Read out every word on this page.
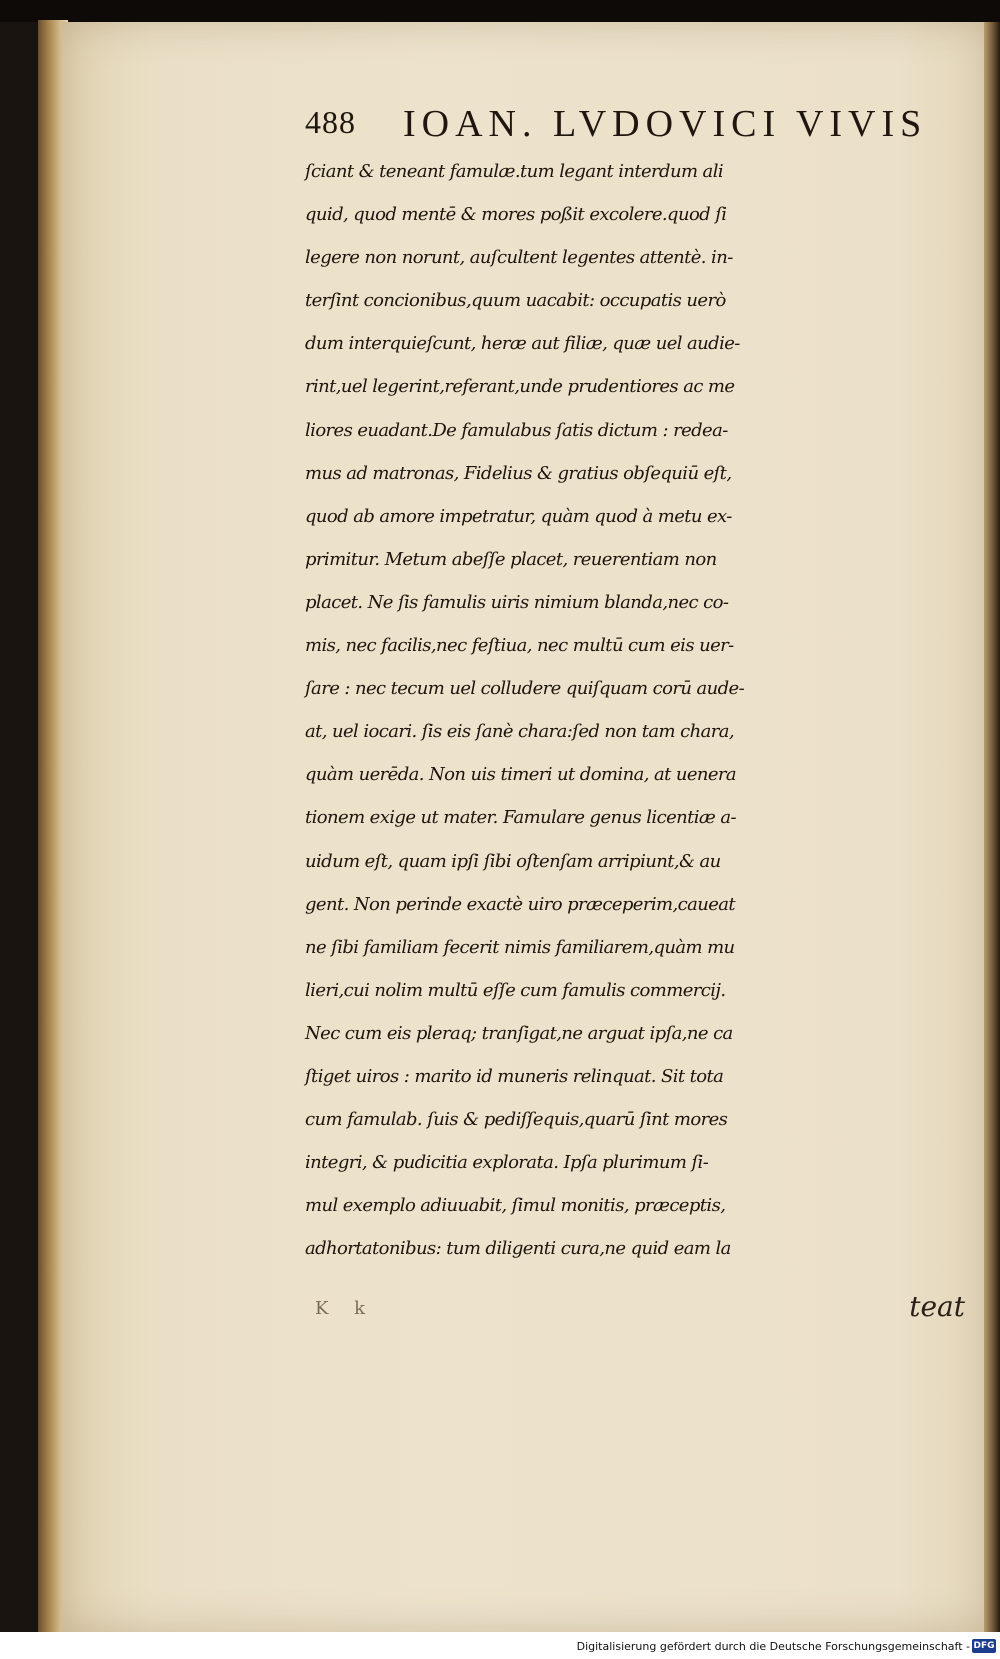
488 IOAN. LVDOVICI VIVIS
ſciant & teneant famulæ.tum legant interdum ali
quid, quod mentē & mores poßit excolere.quod ſi
legere non norunt, auſcultent legentes attentè. in-
terſint concionibus,quum uacabit: occupatis uerò
dum interquieſcunt, heræ aut filiæ, quæ uel audie-
rint,uel legerint,referant,unde prudentiores ac me
liores euadant.De famulabus ſatis dictum : redea-
mus ad matronas, Fidelius & gratius obſequiū eſt,
quod ab amore impetratur, quàm quod à metu ex-
primitur. Metum abeſſe placet, reuerentiam non
placet. Ne ſis famulis uiris nimium blanda,nec co-
mis, nec facilis,nec feſtiua, nec multū cum eis uer-
ſare : nec tecum uel colludere quiſquam corū aude-
at, uel iocari. ſis eis ſanè chara:ſed non tam chara,
quàm uerēda. Non uis timeri ut domina, at uenera
tionem exige ut mater. Famulare genus licentiæ a-
uidum eſt, quam ipſi ſibi oſtenſam arripiunt,& au
gent. Non perinde exactè uiro præceperim,caueat
ne ſibi familiam fecerit nimis familiarem,quàm mu
lieri,cui nolim multū eſſe cum famulis commercij.
Nec cum eis pleraq; tranſigat,ne arguat ipſa,ne ca
ſtiget uiros : marito id muneris relinquat. Sit tota
cum famulab. ſuis & pediſſequis,quarū ſint mores
integri, & pudicitia explorata. Ipſa plurimum ſi-
mul exemplo adiuuabit, ſimul monitis, præceptis,
adhortatonibus: tum diligenti cura,ne quid eam la
K k	teat
Digitalisierung gefördert durch die Deutsche Forschungsgemeinschaft - DFG
